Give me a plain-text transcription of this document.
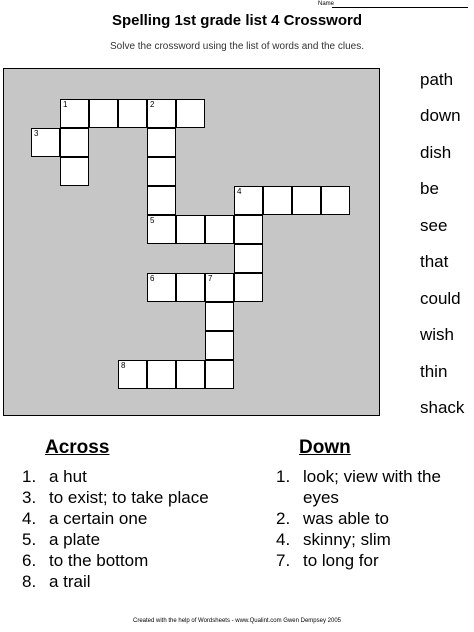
Name
Spelling 1st grade list 4 Crossword
Solve the crossword using the list of words and the clues.
1	2
3
4
5
6	7
8
path
down
dish
be
see
that
could
wish
thin
shack
Across
1. a hut
3. to exist; to take place
4. a certain one
5. a plate
6. to the bottom
8. a trail
Down
1. look; view with the eyes
2. was able to
4. skinny; slim
7. to long for
Created with the help of Wordsheets - www.Qualint.com Gwen Dempsey 2005
